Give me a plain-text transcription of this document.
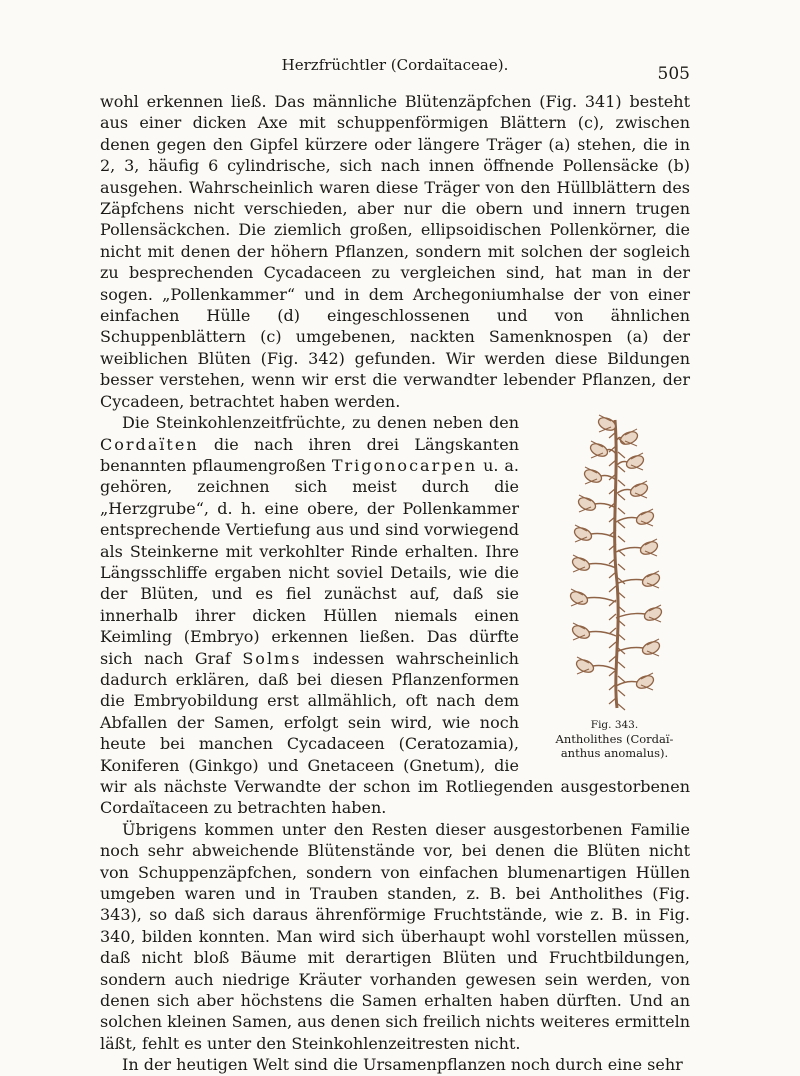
Herzfrüchtler (Cordaïtaceae).	505

wohl erkennen ließ. Das männliche Blütenzäpfchen (Fig. 341) besteht aus einer dicken Axe mit schuppenförmigen Blättern (c), zwischen denen gegen den Gipfel kürzere oder längere Träger (a) stehen, die in 2, 3, häufig 6 cylindrische, sich nach innen öffnende Pollensäcke (b) ausgehen. Wahrscheinlich waren diese Träger von den Hüllblättern des Zäpfchens nicht verschieden, aber nur die obern und innern trugen Pollensäckchen. Die ziemlich großen, ellipsoidischen Pollenkörner, die nicht mit denen der höhern Pflanzen, sondern mit solchen der sogleich zu besprechenden Cycadaceen zu vergleichen sind, hat man in der sogen. „Pollenkammer“ und in dem Archegoniumhalse der von einer einfachen Hülle (d) eingeschlossenen und von ähnlichen Schuppenblättern (c) umgebenen, nackten Samenknospen (a) der weiblichen Blüten (Fig. 342) gefunden. Wir werden diese Bildungen besser verstehen, wenn wir erst die verwandter lebender Pflanzen, der Cycadeen, betrachtet haben werden.

Fig. 343.
Antholithes (Cordaï-
anthus anomalus).

Die Steinkohlenzeitfrüchte, zu denen neben den Cordaïten die nach ihren drei Längskanten benannten pflaumengroßen Trigonocarpen u. a. gehören, zeichnen sich meist durch die „Herzgrube“, d. h. eine obere, der Pollenkammer entsprechende Vertiefung aus und sind vorwiegend als Steinkerne mit verkohlter Rinde erhalten. Ihre Längsschliffe ergaben nicht soviel Details, wie die der Blüten, und es fiel zunächst auf, daß sie innerhalb ihrer dicken Hüllen niemals einen Keimling (Embryo) erkennen ließen. Das dürfte sich nach Graf Solms indessen wahrscheinlich dadurch erklären, daß bei diesen Pflanzenformen die Embryobildung erst allmählich, oft nach dem Abfallen der Samen, erfolgt sein wird, wie noch heute bei manchen Cycadaceen (Ceratozamia), Koniferen (Ginkgo) und Gnetaceen (Gnetum), die wir als nächste Verwandte der schon im Rotliegenden ausgestorbenen Cordaïtaceen zu betrachten haben.

Übrigens kommen unter den Resten dieser ausgestorbenen Familie noch sehr abweichende Blütenstände vor, bei denen die Blüten nicht von Schuppenzäpfchen, sondern von einfachen blumenartigen Hüllen umgeben waren und in Trauben standen, z. B. bei Antholithes (Fig. 343), so daß sich daraus ährenförmige Fruchtstände, wie z. B. in Fig. 340, bilden konnten. Man wird sich überhaupt wohl vorstellen müssen, daß nicht bloß Bäume mit derartigen Blüten und Fruchtbildungen, sondern auch niedrige Kräuter vorhanden gewesen sein werden, von denen sich aber höchstens die Samen erhalten haben dürften. Und an solchen kleinen Samen, aus denen sich freilich nichts weiteres ermitteln läßt, fehlt es unter den Steinkohlenzeitresten nicht.

In der heutigen Welt sind die Ursamenpflanzen noch durch eine sehr
